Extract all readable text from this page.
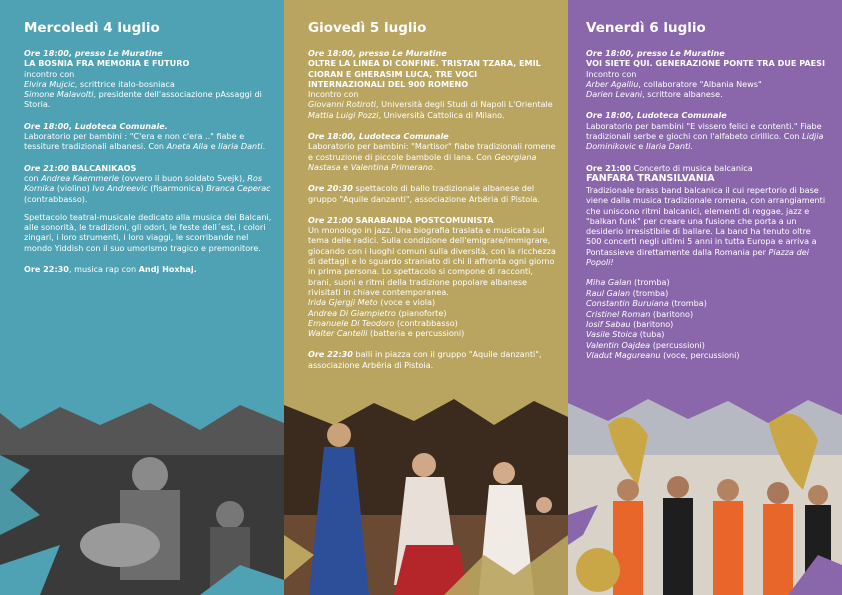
Mercoledì 4 luglio
Ore 18:00, presso Le Muratine
LA BOSNIA FRA MEMORIA E FUTURO
incontro con
Elvira Mujcic, scrittrice italo-bosniaca
Simone Malavolti, presidente dell'associazione pAssaggi di Storia.
Ore 18:00, Ludoteca Comunale.
Laboratorio per bambini : "C'era e non c'era .." fiabe e tessiture tradizionali albanesi. Con Aneta Alla e Ilaria Danti.
Ore 21:00 BALCANIKAOS
con Andrea Kaemmerle (ovvero il buon soldato Svejk), Ros Kornika (violino) Ivo Andreevic (fisarmonica) Branca Ceperac (contrabbasso).
Spettacolo teatral-musicale dedicato alla musica dei Balcani, alle sonorità, le tradizioni, gli odori, le feste dell´est, i colori zingari, i loro strumenti, i loro viaggi, le scorribande nel mondo Yiddish con il suo umorismo tragico e premonitore.
Ore 22:30, musica rap con Andj Hoxhaj.
Giovedì 5 luglio
Ore 18:00, presso Le Muratine
OLTRE LA LINEA DI CONFINE. TRISTAN TZARA, EMIL CIORAN E GHERASIM LUCA, TRE VOCI INTERNAZIONALI DEL 900 ROMENO
Incontro con
Giovanni Rotiroti, Università degli Studi di Napoli L'Orientale
Mattia Luigi Pozzi, Università Cattolica di Milano.
Ore 18:00, Ludoteca Comunale
Laboratorio per bambini: "Martisor" fiabe tradizionali romene e costruzione di piccole bambole di lana. Con Georgiana Nastasa e Valentina Primerano.
Ore 20:30 spettacolo di ballo tradizionale albanese del gruppo "Aquile danzanti", associazione Arbëria di Pistoia.
Ore 21:00 SARABANDA POSTCOMUNISTA
Un monologo in jazz. Una biografia traslata e musicata sul tema delle radici. Sulla condizione dell'emigrare/immigrare, giocando con i luoghi comuni sulla diversità, con la ricchezza di dettagli e lo sguardo straniato di chi li affronta ogni giorno in prima persona. Lo spettacolo si compone di racconti, brani, suoni e ritmi della tradizione popolare albanese rivisitati in chiave contemporanea.
Irida Gjergji Meto (voce e viola)
Andrea Di Giampietro (pianoforte)
Emanuele Di Teodoro (contrabbasso)
Walter Cantelli (batteria e percussioni)
Ore 22:30 balli in piazza con il gruppo "Aquile danzanti", associazione Arbëria di Pistoia.
Venerdì 6 luglio
Ore 18:00, presso Le Muratine
VOI SIETE QUI. GENERAZIONE PONTE TRA DUE PAESI
Incontro con
Arber Agalliu, collaboratore "Albania News"
Darien Levani, scrittore albanese.
Ore 18:00, Ludoteca Comunale
Laboratorio per bambini "E vissero felici e contenti." Fiabe tradizionali serbe e giochi con l'alfabeto cirillico. Con Lidjia Dominikovic e Ilaria Danti.
Ore 21:00 Concerto di musica balcanica
FANFARA TRANSILVANIA
Tradizionale brass band balcanica il cui repertorio di base viene dalla musica tradizionale romena, con arrangiamenti che uniscono ritmi balcanici, elementi di reggae, jazz e "balkan funk" per creare una fusione che porta a un desiderio irresistibile di ballare. La band ha tenuto oltre 500 concerti negli ultimi 5 anni in tutta Europa e arriva a Pontassieve direttamente dalla Romania per Piazza dei Popoli!
Miha Galan (tromba)
Raul Galan (tromba)
Constantin Buruiana (tromba)
Cristinel Roman (baritono)
Iosif Sabau (baritono)
Vasile Stoica (tuba)
Valentin Oajdea (percussioni)
Vladut Magureanu (voce, percussioni)
